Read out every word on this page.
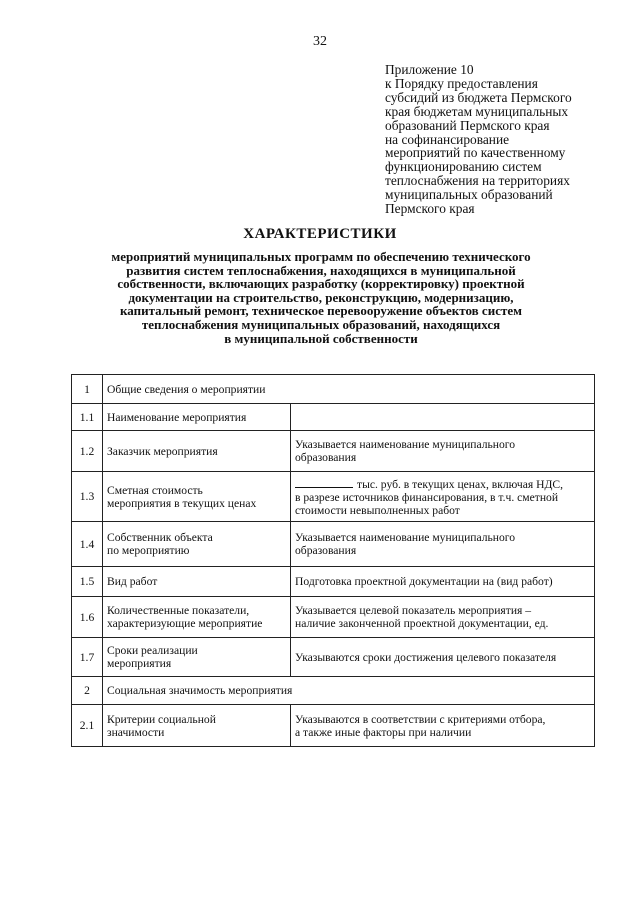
32
Приложение 10
к Порядку предоставления
субсидий из бюджета Пермского
края бюджетам муниципальных
образований Пермского края
на софинансирование
мероприятий по качественному
функционированию систем
теплоснабжения на территориях
муниципальных образований
Пермского края
ХАРАКТЕРИСТИКИ
мероприятий муниципальных программ по обеспечению технического
развития систем теплоснабжения, находящихся в муниципальной
собственности, включающих разработку (корректировку) проектной
документации на строительство, реконструкцию, модернизацию,
капитальный ремонт, техническое перевооружение объектов систем
теплоснабжения муниципальных образований, находящихся
в муниципальной собственности
1	Общие сведения о мероприятии	
1.1	Наименование мероприятия	

1.2	Заказчик мероприятия	Указывается наименование муниципального
образования

1.3	Сметная стоимость
мероприятия в текущих ценах	тыс. руб. в текущих ценах, включая НДС,
в разрезе источников финансирования, в т.ч. сметной
стоимости невыполненных работ

1.4	Собственник объекта
по мероприятию	Указывается наименование муниципального
образования

1.5	Вид работ	Подготовка проектной документации на (вид работ)

1.6	Количественные показатели,
характеризующие мероприятие	Указывается целевой показатель мероприятия –
наличие законченной проектной документации, ед.

1.7	Сроки реализации
мероприятия	Указываются сроки достижения целевого показателя

2	Социальная значимость мероприятия	
2.1	Критерии социальной
значимости	Указываются в соответствии с критериями отбора,
а также иные факторы при наличии
